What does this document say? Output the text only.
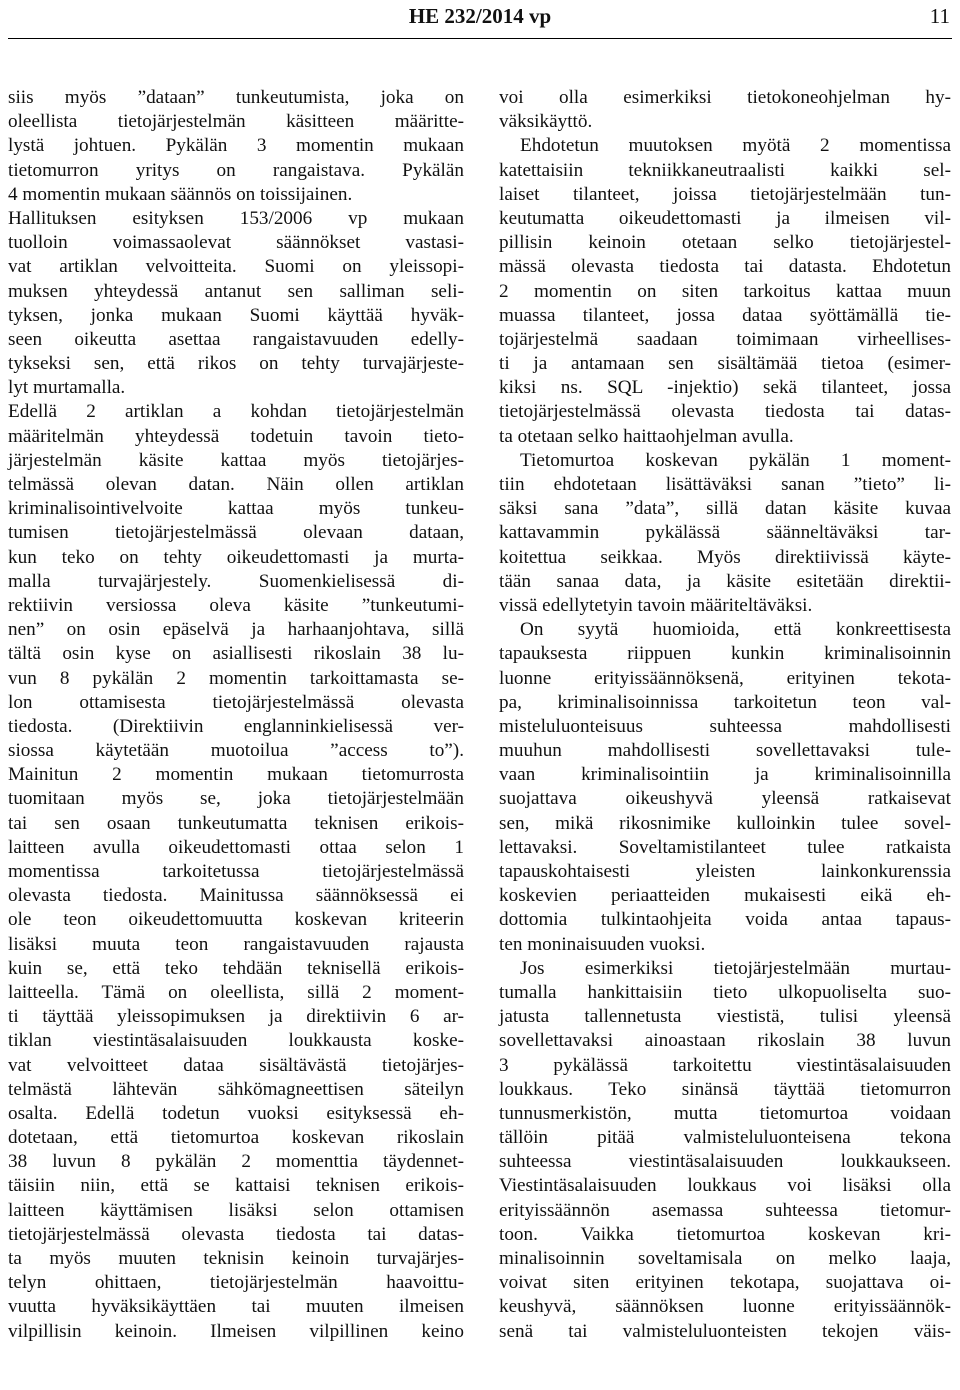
HE 232/2014 vp	11
siis myös ”dataan” tunkeutumista, joka on
oleellista tietojärjestelmän käsitteen määritte-
lystä johtuen. Pykälän 3 momentin mukaan
tietomurron yritys on rangaistava. Pykälän
4 momentin mukaan säännös on toissijainen.
Hallituksen esityksen 153/2006 vp mukaan
tuolloin voimassaolevat säännökset vastasi-
vat artiklan velvoitteita. Suomi on yleissopi-
muksen yhteydessä antanut sen salliman seli-
tyksen, jonka mukaan Suomi käyttää hyväk-
seen oikeutta asettaa rangaistavuuden edelly-
tykseksi sen, että rikos on tehty turvajärjeste-
lyt murtamalla.
Edellä 2 artiklan a kohdan tietojärjestelmän
määritelmän yhteydessä todetuin tavoin tieto-
järjestelmän käsite kattaa myös tietojärjes-
telmässä olevan datan. Näin ollen artiklan
kriminalisointivelvoite kattaa myös tunkeu-
tumisen tietojärjestelmässä olevaan dataan,
kun teko on tehty oikeudettomasti ja murta-
malla turvajärjestely. Suomenkielisessä di-
rektiivin versiossa oleva käsite ”tunkeutumi-
nen” on osin epäselvä ja harhaanjohtava, sillä
tältä osin kyse on asiallisesti rikoslain 38 lu-
vun 8 pykälän 2 momentin tarkoittamasta se-
lon ottamisesta tietojärjestelmässä olevasta
tiedosta. (Direktiivin englanninkielisessä ver-
siossa käytetään muotoilua ”access to”).
Mainitun 2 momentin mukaan tietomurrosta
tuomitaan myös se, joka tietojärjestelmään
tai sen osaan tunkeutumatta teknisen erikois-
laitteen avulla oikeudettomasti ottaa selon 1
momentissa tarkoitetussa tietojärjestelmässä
olevasta tiedosta. Mainitussa säännöksessä ei
ole teon oikeudettomuutta koskevan kriteerin
lisäksi muuta teon rangaistavuuden rajausta
kuin se, että teko tehdään teknisellä erikois-
laitteella. Tämä on oleellista, sillä 2 moment-
ti täyttää yleissopimuksen ja direktiivin 6 ar-
tiklan viestintäsalaisuuden loukkausta koske-
vat velvoitteet dataa sisältävästä tietojärjes-
telmästä lähtevän sähkömagneettisen säteilyn
osalta. Edellä todetun vuoksi esityksessä eh-
dotetaan, että tietomurtoa koskevan rikoslain
38 luvun 8 pykälän 2 momenttia täydennet-
täisiin niin, että se kattaisi teknisen erikois-
laitteen käyttämisen lisäksi selon ottamisen
tietojärjestelmässä olevasta tiedosta tai datas-
ta myös muuten teknisin keinoin turvajärjes-
telyn ohittaen, tietojärjestelmän haavoittu-
vuutta hyväksikäyttäen tai muuten ilmeisen
vilpillisin keinoin. Ilmeisen vilpillinen keino
voi olla esimerkiksi tietokoneohjelman hy-
väksikäyttö.
Ehdotetun muutoksen myötä 2 momentissa
katettaisiin tekniikkaneutraalisti kaikki sel-
laiset tilanteet, joissa tietojärjestelmään tun-
keutumatta oikeudettomasti ja ilmeisen vil-
pillisin keinoin otetaan selko tietojärjestel-
mässä olevasta tiedosta tai datasta. Ehdotetun
2 momentin on siten tarkoitus kattaa muun
muassa tilanteet, jossa dataa syöttämällä tie-
tojärjestelmä saadaan toimimaan virheellises-
ti ja antamaan sen sisältämää tietoa (esimer-
kiksi ns. SQL -injektio) sekä tilanteet, jossa
tietojärjestelmässä olevasta tiedosta tai datas-
ta otetaan selko haittaohjelman avulla.
Tietomurtoa koskevan pykälän 1 moment-
tiin ehdotetaan lisättäväksi sanan ”tieto” li-
säksi sana ”data”, sillä datan käsite kuvaa
kattavammin pykälässä säänneltäväksi tar-
koitettua seikkaa. Myös direktiivissä käyte-
tään sanaa data, ja käsite esitetään direktii-
vissä edellytetyin tavoin määriteltäväksi.
On syytä huomioida, että konkreettisesta
tapauksesta riippuen kunkin kriminalisoinnin
luonne erityissäännöksenä, erityinen tekota-
pa, kriminalisoinnissa tarkoitetun teon val-
misteluluonteisuus suhteessa mahdollisesti
muuhun mahdollisesti sovellettavaksi tule-
vaan kriminalisointiin ja kriminalisoinnilla
suojattava oikeushyvä yleensä ratkaisevat
sen, mikä rikosnimike kulloinkin tulee sovel-
lettavaksi. Soveltamistilanteet tulee ratkaista
tapauskohtaisesti yleisten lainkonkurenssia
koskevien periaatteiden mukaisesti eikä eh-
dottomia tulkintaohjeita voida antaa tapaus-
ten moninaisuuden vuoksi.
Jos esimerkiksi tietojärjestelmään murtau-
tumalla hankittaisiin tieto ulkopuoliselta suo-
jatusta tallennetusta viestistä, tulisi yleensä
sovellettavaksi ainoastaan rikoslain 38 luvun
3 pykälässä tarkoitettu viestintäsalaisuuden
loukkaus. Teko sinänsä täyttää tietomurron
tunnusmerkistön, mutta tietomurtoa voidaan
tällöin pitää valmisteluluonteisena tekona
suhteessa viestintäsalaisuuden loukkaukseen.
Viestintäsalaisuuden loukkaus voi lisäksi olla
erityissäännön asemassa suhteessa tietomur-
toon. Vaikka tietomurtoa koskevan kri-
minalisoinnin soveltamisala on melko laaja,
voivat siten erityinen tekotapa, suojattava oi-
keushyvä, säännöksen luonne erityissäännök-
senä tai valmisteluluonteisten tekojen väis-
